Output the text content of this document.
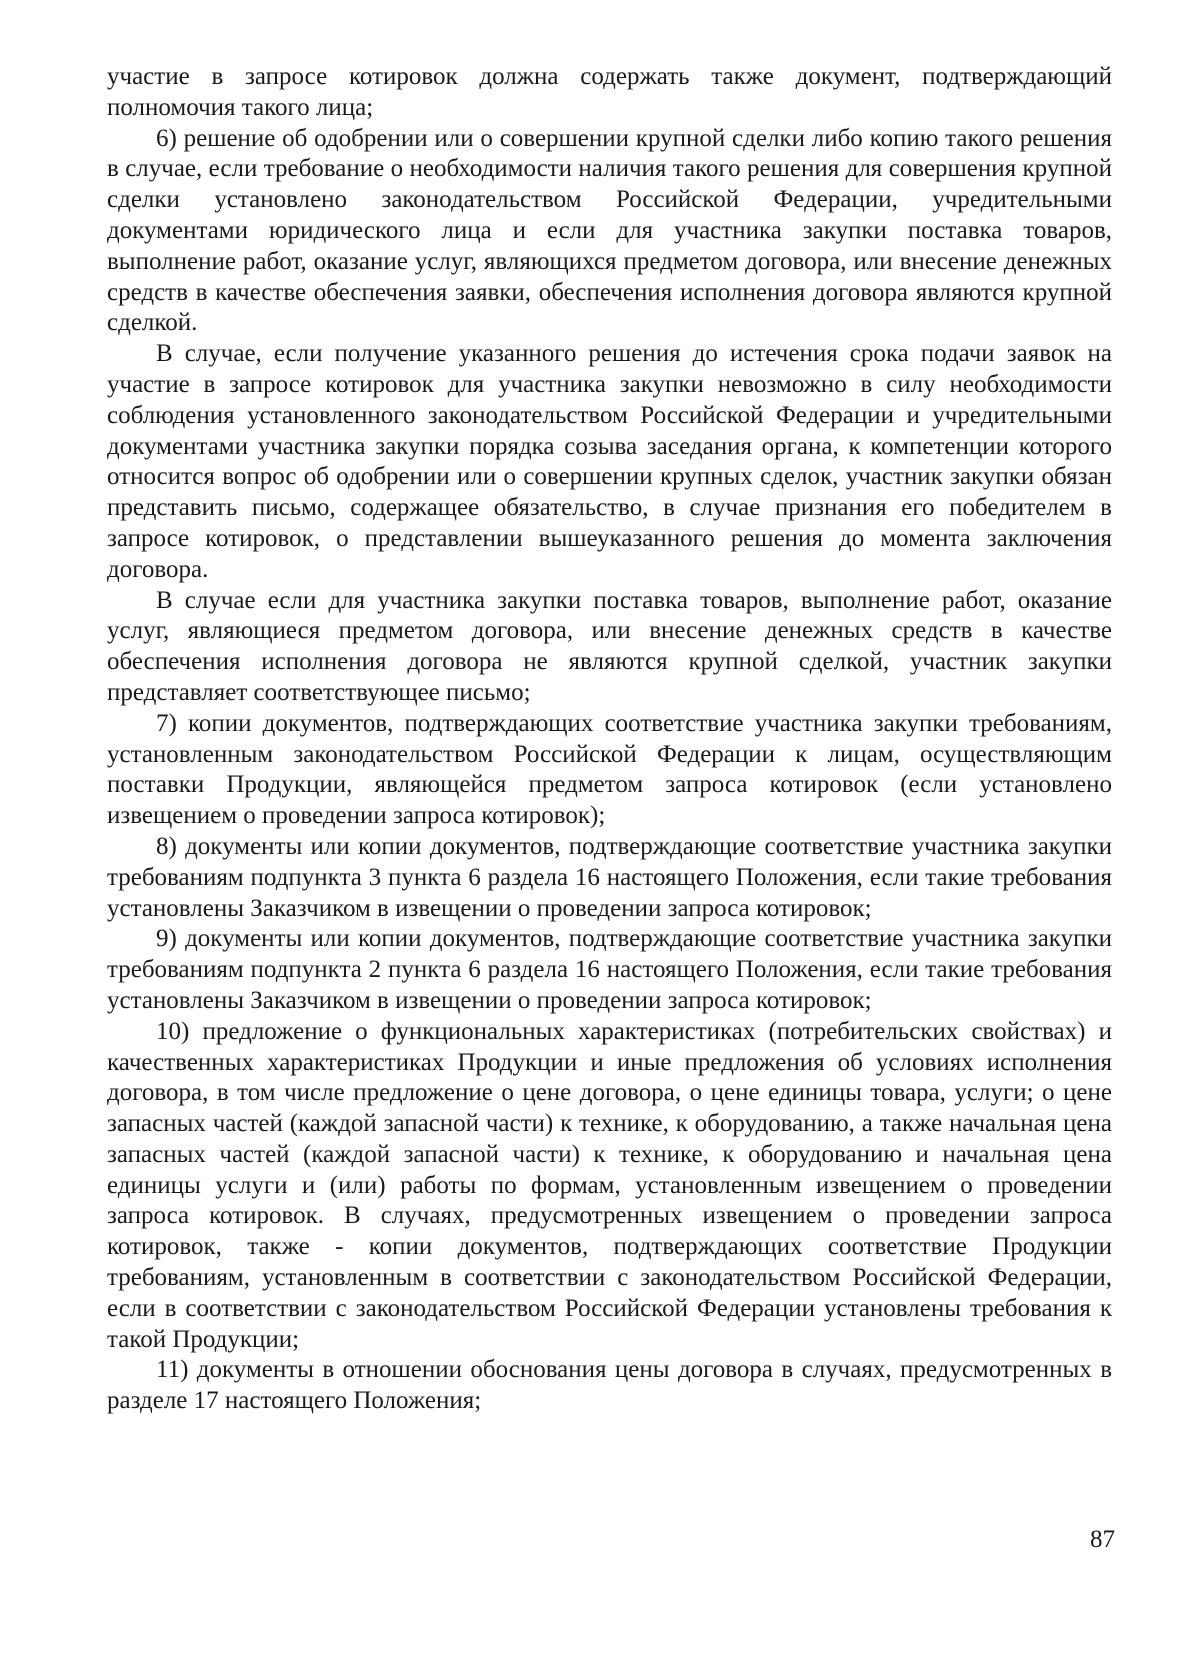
участие в запросе котировок должна содержать также документ, подтверждающий полномочия такого лица;

6) решение об одобрении или о совершении крупной сделки либо копию такого решения в случае, если требование о необходимости наличия такого решения для совершения крупной сделки установлено законодательством Российской Федерации, учредительными документами юридического лица и если для участника закупки поставка товаров, выполнение работ, оказание услуг, являющихся предметом договора, или внесение денежных средств в качестве обеспечения заявки, обеспечения исполнения договора являются крупной сделкой.

В случае, если получение указанного решения до истечения срока подачи заявок на участие в запросе котировок для участника закупки невозможно в силу необходимости соблюдения установленного законодательством Российской Федерации и учредительными документами участника закупки порядка созыва заседания органа, к компетенции которого относится вопрос об одобрении или о совершении крупных сделок, участник закупки обязан представить письмо, содержащее обязательство, в случае признания его победителем в запросе котировок, о представлении вышеуказанного решения до момента заключения договора.

В случае если для участника закупки поставка товаров, выполнение работ, оказание услуг, являющиеся предметом договора, или внесение денежных средств в качестве обеспечения исполнения договора не являются крупной сделкой, участник закупки представляет соответствующее письмо;

7) копии документов, подтверждающих соответствие участника закупки требованиям, установленным законодательством Российской Федерации к лицам, осуществляющим поставки Продукции, являющейся предметом запроса котировок (если установлено извещением о проведении запроса котировок);

8) документы или копии документов, подтверждающие соответствие участника закупки требованиям подпункта 3 пункта 6 раздела 16 настоящего Положения, если такие требования установлены Заказчиком в извещении о проведении запроса котировок;

9) документы или копии документов, подтверждающие соответствие участника закупки требованиям подпункта 2 пункта 6 раздела 16 настоящего Положения, если такие требования установлены Заказчиком в извещении о проведении запроса котировок;

10) предложение о функциональных характеристиках (потребительских свойствах) и качественных характеристиках Продукции и иные предложения об условиях исполнения договора, в том числе предложение о цене договора, о цене единицы товара, услуги; о цене запасных частей (каждой запасной части) к технике, к оборудованию, а также начальная цена запасных частей (каждой запасной части) к технике, к оборудованию и начальная цена единицы услуги и (или) работы по формам, установленным извещением о проведении запроса котировок. В случаях, предусмотренных извещением о проведении запроса котировок, также - копии документов, подтверждающих соответствие Продукции требованиям, установленным в соответствии с законодательством Российской Федерации, если в соответствии с законодательством Российской Федерации установлены требования к такой Продукции;

11) документы в отношении обоснования цены договора в случаях, предусмотренных в разделе 17 настоящего Положения;

87
